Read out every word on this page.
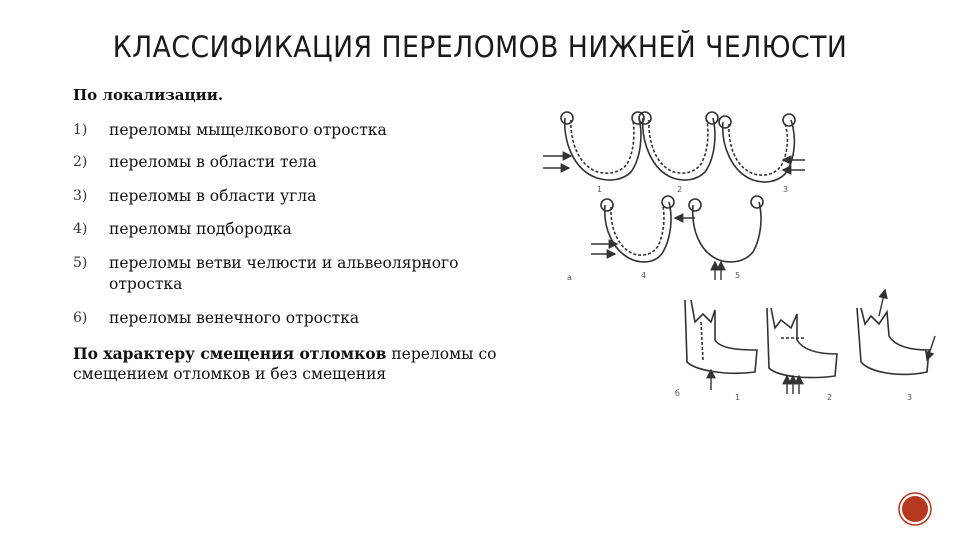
КЛАССИФИКАЦИЯ ПЕРЕЛОМОВ НИЖНЕЙ ЧЕЛЮСТИ
По локализации.
1)	переломы мыщелкового отростка
2)	переломы в области тела
3)	переломы в области угла
4)	переломы подбородка
5)	переломы ветви челюсти и альвеолярного отростка
6)	переломы венечного отростка
По характеру смещения отломков переломы со смещением отломков и без смещения
а
б
1	2	3
4	5
1	2	3
